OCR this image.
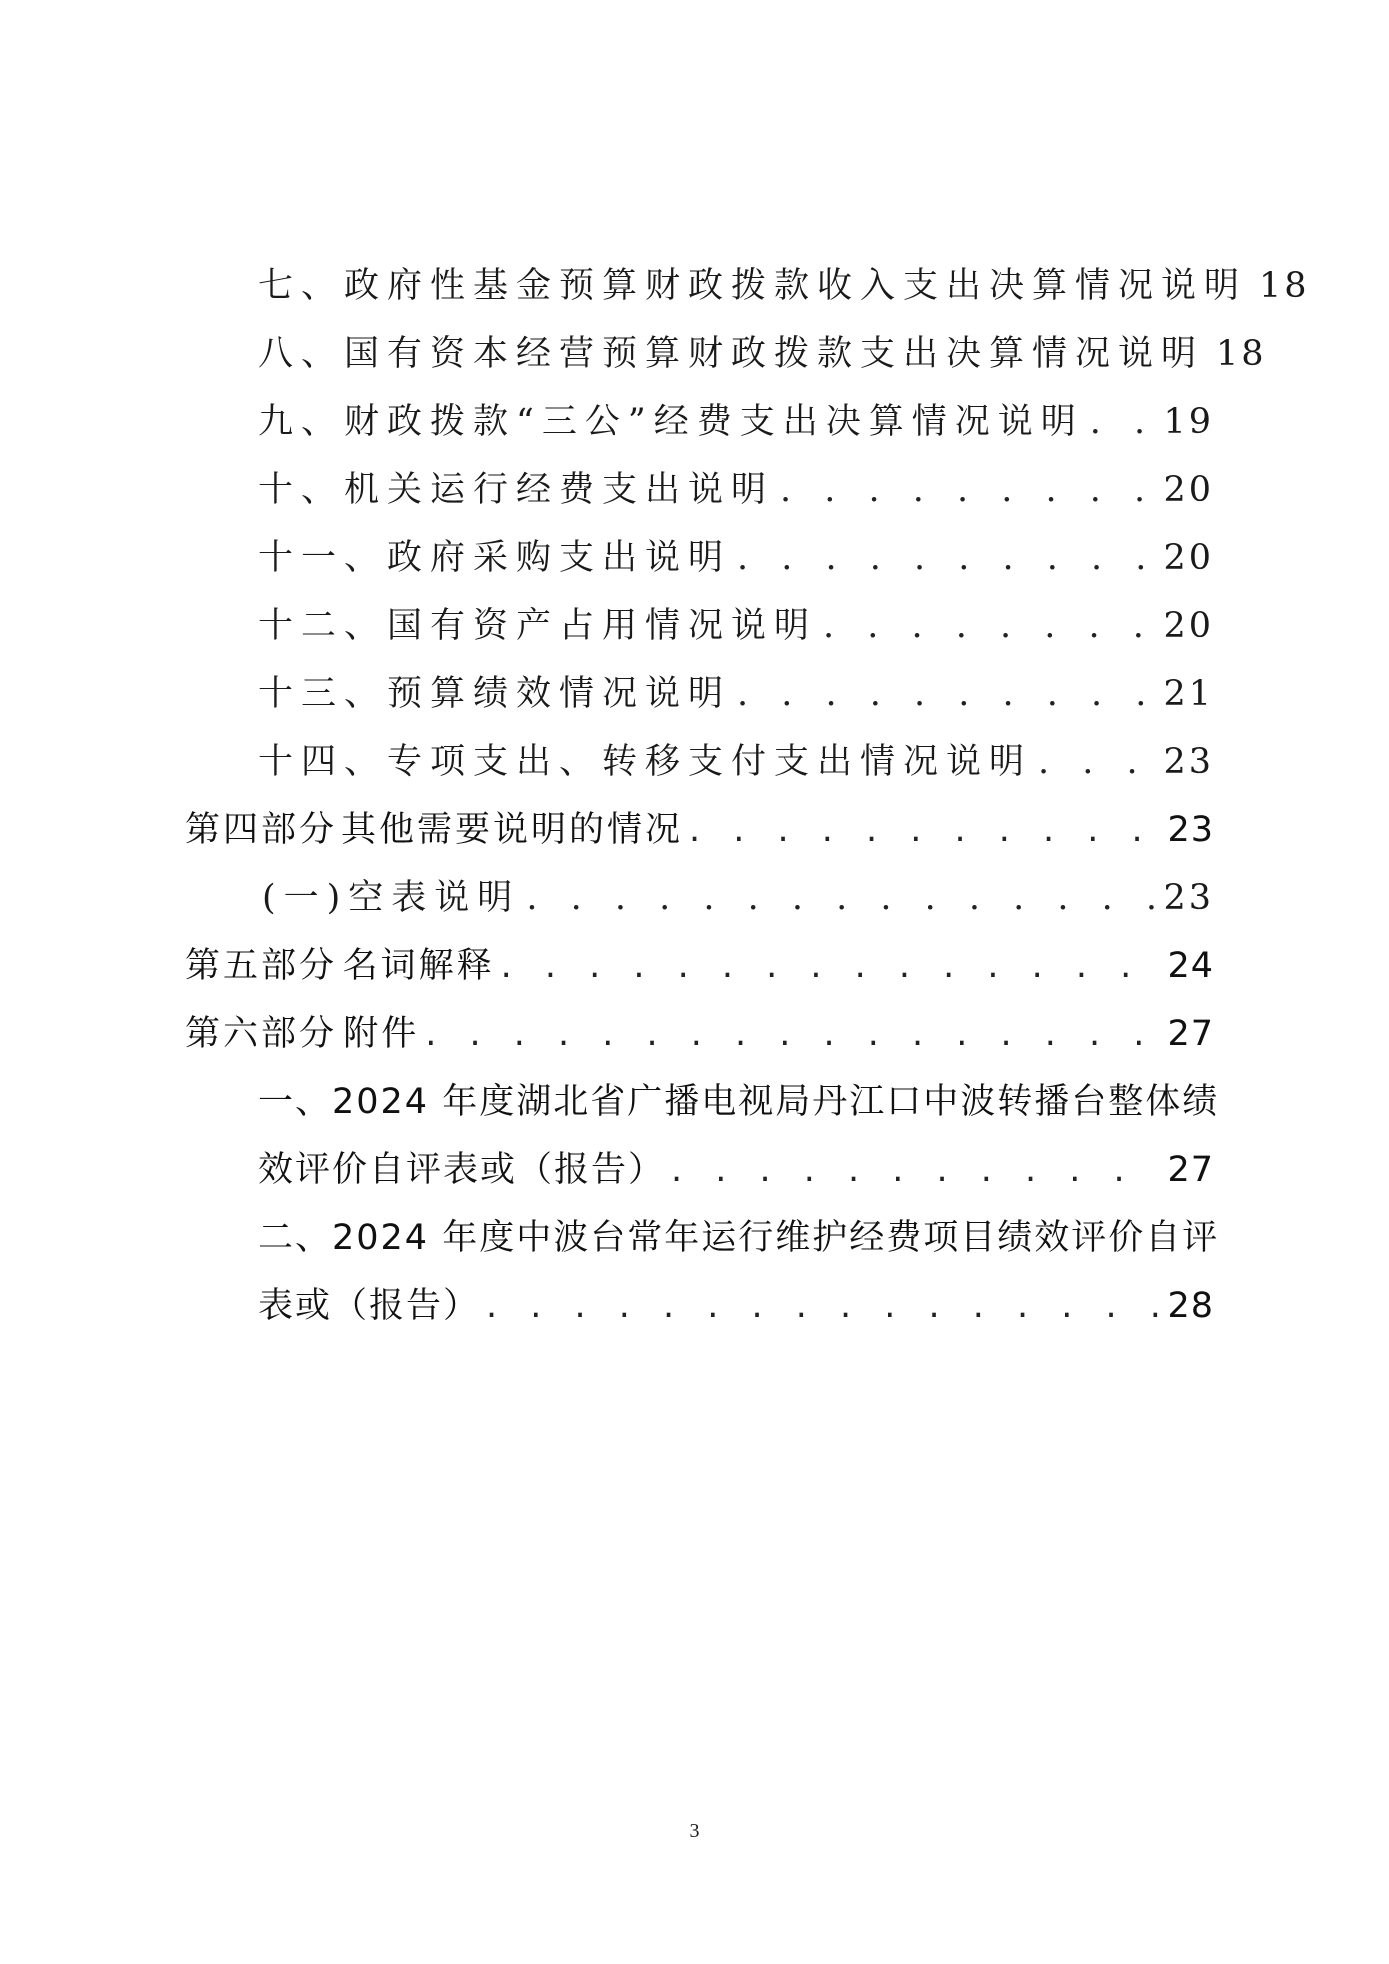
七、政府性基金预算财政拨款收入支出决算情况说明 18
八、国有资本经营预算财政拨款支出决算情况说明 18
九、财政拨款“三公”经费支出决算情况说明 . . . 19
十、机关运行经费支出说明 . . .	20
十一、政府采购支出说明 . . .	20
十二、国有资产占用情况说明 . . .	20
十三、预算绩效情况说明 . . .	21
十四、专项支出、转移支付支出情况说明 . . .	23
第四部分 其他需要说明的情况 . . .	23
(一)空表说明 . . .	23
第五部分 名词解释 . . .	24
第六部分 附件 . . .	27
一、2024 年度湖北省广播电视局丹江口中波转播台整体绩
效评价自评表或（报告） . . .	27
二、2024 年度中波台常年运行维护经费项目绩效评价自评
表或（报告） . . .	28
3
